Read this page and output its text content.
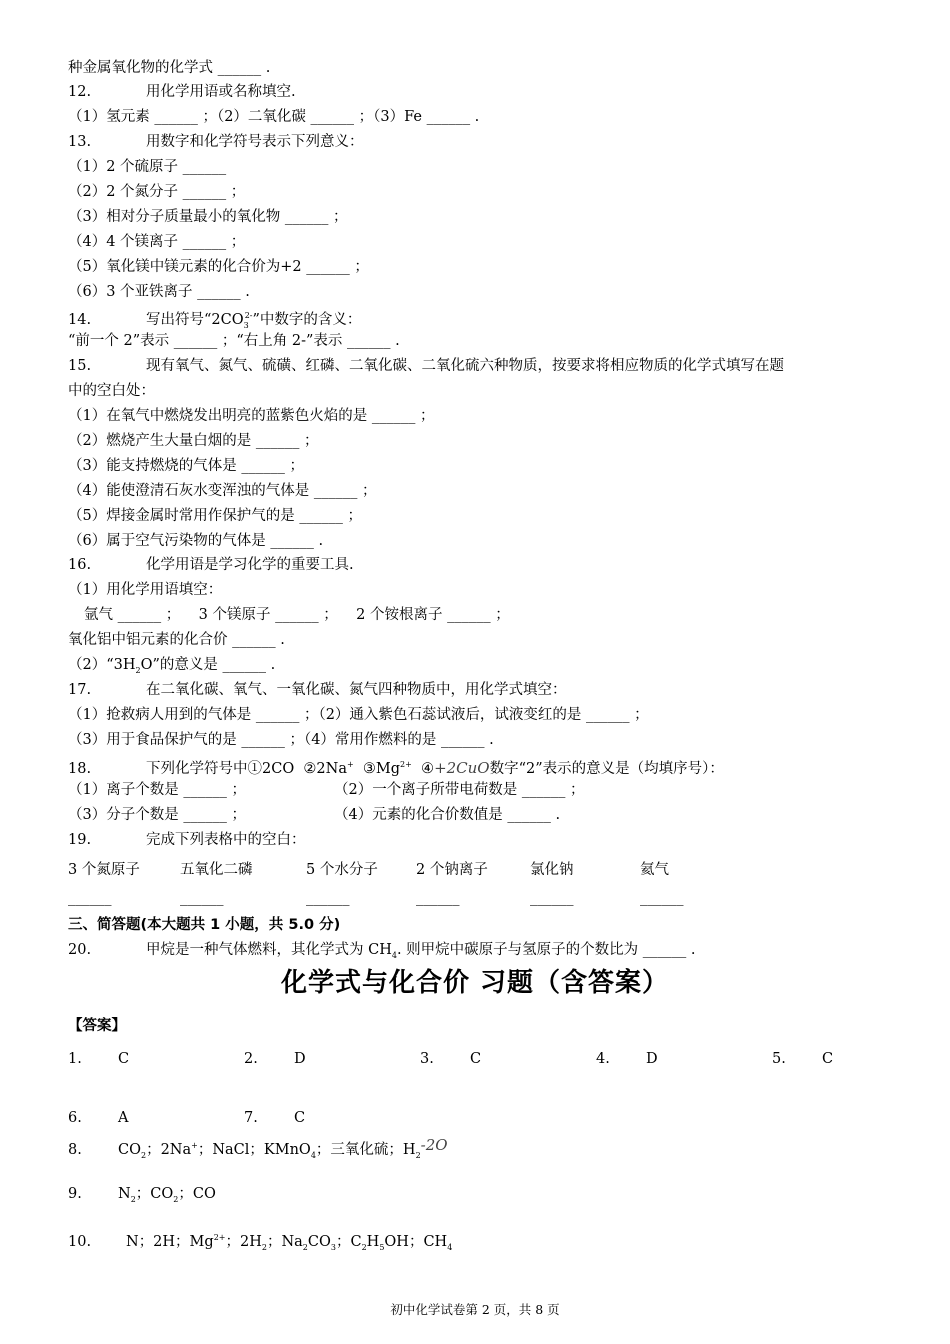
种金属氧化物的化学式 ______ .
12.	用化学用语或名称填空.
（1）氢元素 ______ ；（2）二氧化碳 ______ ；（3）Fe ______ .
13.	用数字和化学符号表示下列意义：
（1）2 个硫原子 ______
（2）2 个氮分子 ______ ；
（3）相对分子质量最小的氧化物 ______ ；
（4）4 个镁离子 ______ ；
（5）氧化镁中镁元素的化合价为+2 ______ ；
（6）3 个亚铁离子 ______ .
14.	写出符号“$2CO_3^{2-}$”中数字的含义：
“前一个 2”表示 ______ ；“右上角 2-”表示 ______ .
15.	现有氧气、氮气、硫磺、红磷、二氧化碳、二氧化硫六种物质，按要求将相应物质的化学式填写在题
中的空白处：
（1）在氧气中燃烧发出明亮的蓝紫色火焰的是 ______ ；
（2）燃烧产生大量白烟的是 ______ ；
（3）能支持燃烧的气体是 ______ ；
（4）能使澄清石灰水变浑浊的气体是 ______ ；
（5）焊接金属时常用作保护气的是 ______ ；
（6）属于空气污染物的气体是 ______ .
16.	化学用语是学习化学的重要工具.
（1）用化学用语填空：
氩气 ______ ；    3 个镁原子 ______ ；    2 个铵根离子 ______ ；
氧化铝中铝元素的化合价 ______ .
$(2)“3H_2O$”的意义是 ______ .
17.	在二氧化碳、氧气、一氧化碳、氮气四种物质中，用化学式填空：
（1）抢救病人用到的气体是 ______ ；（2）通入紫色石蕊试液后，试液变红的是 ______ ；
（3）用于食品保护气的是 ______ ；（4）常用作燃料的是 ______ .
18.	下列化学符号中①2CO  ②2Na+  $③Mg^{2+}$  ④+2CuO数字“2”表示的意义是（均填序号）：
（1）离子个数是 ______ ；	（2）一个离子所带电荷数是 ______ ；
（3）分子个数是 ______ ；	（4）元素的化合价数值是 ______ .
19.	完成下列表格中的空白：
3 个氮原子	五氧化二磷	5 个水分子	2 个钠离子	氯化钠	氦气
______	______	______	______	______	______
三、简答题(本大题共 1 小题，共 5.0 分)
20.	甲烷是一种气体燃料，其化学式为 $CH_4$. 则甲烷中碳原子与氢原子的个数比为 ______ .
化学式与化合价 习题（含答案）
【答案】
1. C	2. D	3. C	4. D	5. C
6. A	7. C
8. $CO_2$；2Na+；NaCl；KMnO$_4$；三氧化硫；$H_2-2O$
9. $N_2$；$CO_2$；CO
10. N；2H；$Mg^{2+}$；$2H_2$；$Na_2CO_3$；$C_2H_5OH$；$CH_4$
初中化学试卷第 2 页，共 8 页
